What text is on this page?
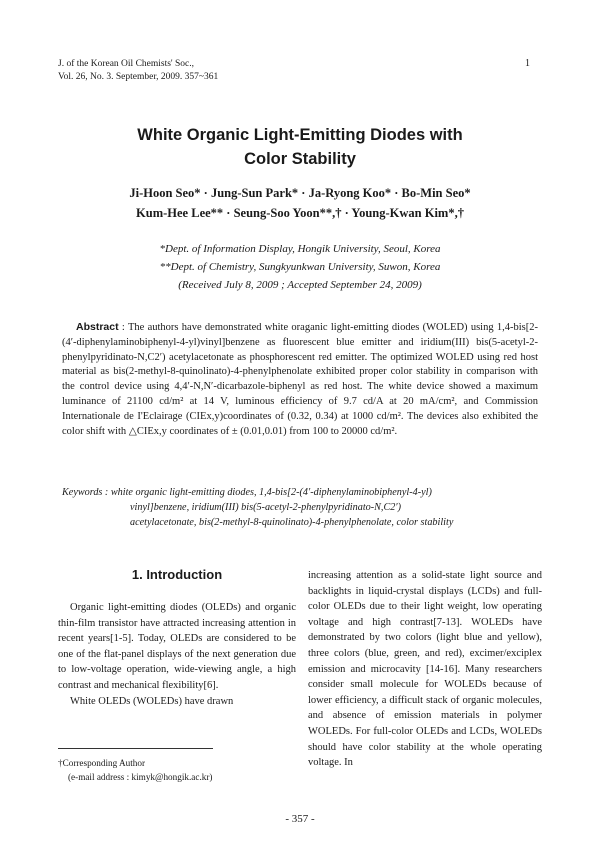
J. of the Korean Oil Chemists' Soc.,
Vol. 26, No. 3. September, 2009. 357~361
1
White Organic Light-Emitting Diodes with
Color Stability
Ji-Hoon Seo* · Jung-Sun Park* · Ja-Ryong Koo* · Bo-Min Seo*
Kum-Hee Lee** · Seung-Soo Yoon**,† · Young-Kwan Kim*,†
*Dept. of Information Display, Hongik University, Seoul, Korea
**Dept. of Chemistry, Sungkyunkwan University, Suwon, Korea
(Received July 8, 2009 ; Accepted September 24, 2009)
Abstract : The authors have demonstrated white oraganic light-emitting diodes (WOLED) using 1,4-bis[2-(4′-diphenylaminobiphenyl-4-yl)vinyl]benzene as fluorescent blue emitter and iridium(III) bis(5-acetyl-2-phenylpyridinato-N,C2′) acetylacetonate as phosphorescent red emitter. The optimized WOLED using red host material as bis(2-methyl-8-quinolinato)-4-phenylphenolate exhibited proper color stability in comparison with the control device using 4,4′-N,N′-dicarbazole-biphenyl as red host. The white device showed a maximum luminance of 21100 cd/m² at 14 V, luminous efficiency of 9.7 cd/A at 20 mA/cm², and Commission Internationale de I'Eclairage (CIEx,y)coordinates of (0.32, 0.34) at 1000 cd/m². The devices also exhibited the color shift with △CIEx,y coordinates of ± (0.01,0.01) from 100 to 20000 cd/m².
Keywords : white organic light-emitting diodes, 1,4-bis[2-(4′-diphenylaminobiphenyl-4-yl)
vinyl]benzene, iridium(III) bis(5-acetyl-2-phenylpyridinato-N,C2′)
acetylacetonate, bis(2-methyl-8-quinolinato)-4-phenylphenolate, color stability
1. Introduction

Organic light-emitting diodes (OLEDs) and organic thin-film transistor have attracted increasing attention in recent years[1-5]. Today, OLEDs are considered to be one of the flat-panel displays of the next generation due to low-voltage operation, wide-viewing angle, a high contrast and mechanical flexibility[6].

White OLEDs (WOLEDs) have drawn

increasing attention as a solid-state light source and backlights in liquid-crystal displays (LCDs) and full-color OLEDs due to their light weight, low operating voltage and high contrast[7-13]. WOLEDs have demonstrated by two colors (light blue and yellow), three colors (blue, green, and red), excimer/exciplex emission and microcavity [14-16]. Many researchers consider small molecule for WOLEDs because of lower efficiency, a difficult stack of organic molecules, and absence of emission materials in polymer WOLEDs. For full-color OLEDs and LCDs, WOLEDs should have color stability at the whole operating voltage. In

†Corresponding Author
(e-mail address : kimyk@hongik.ac.kr)
- 357 -
